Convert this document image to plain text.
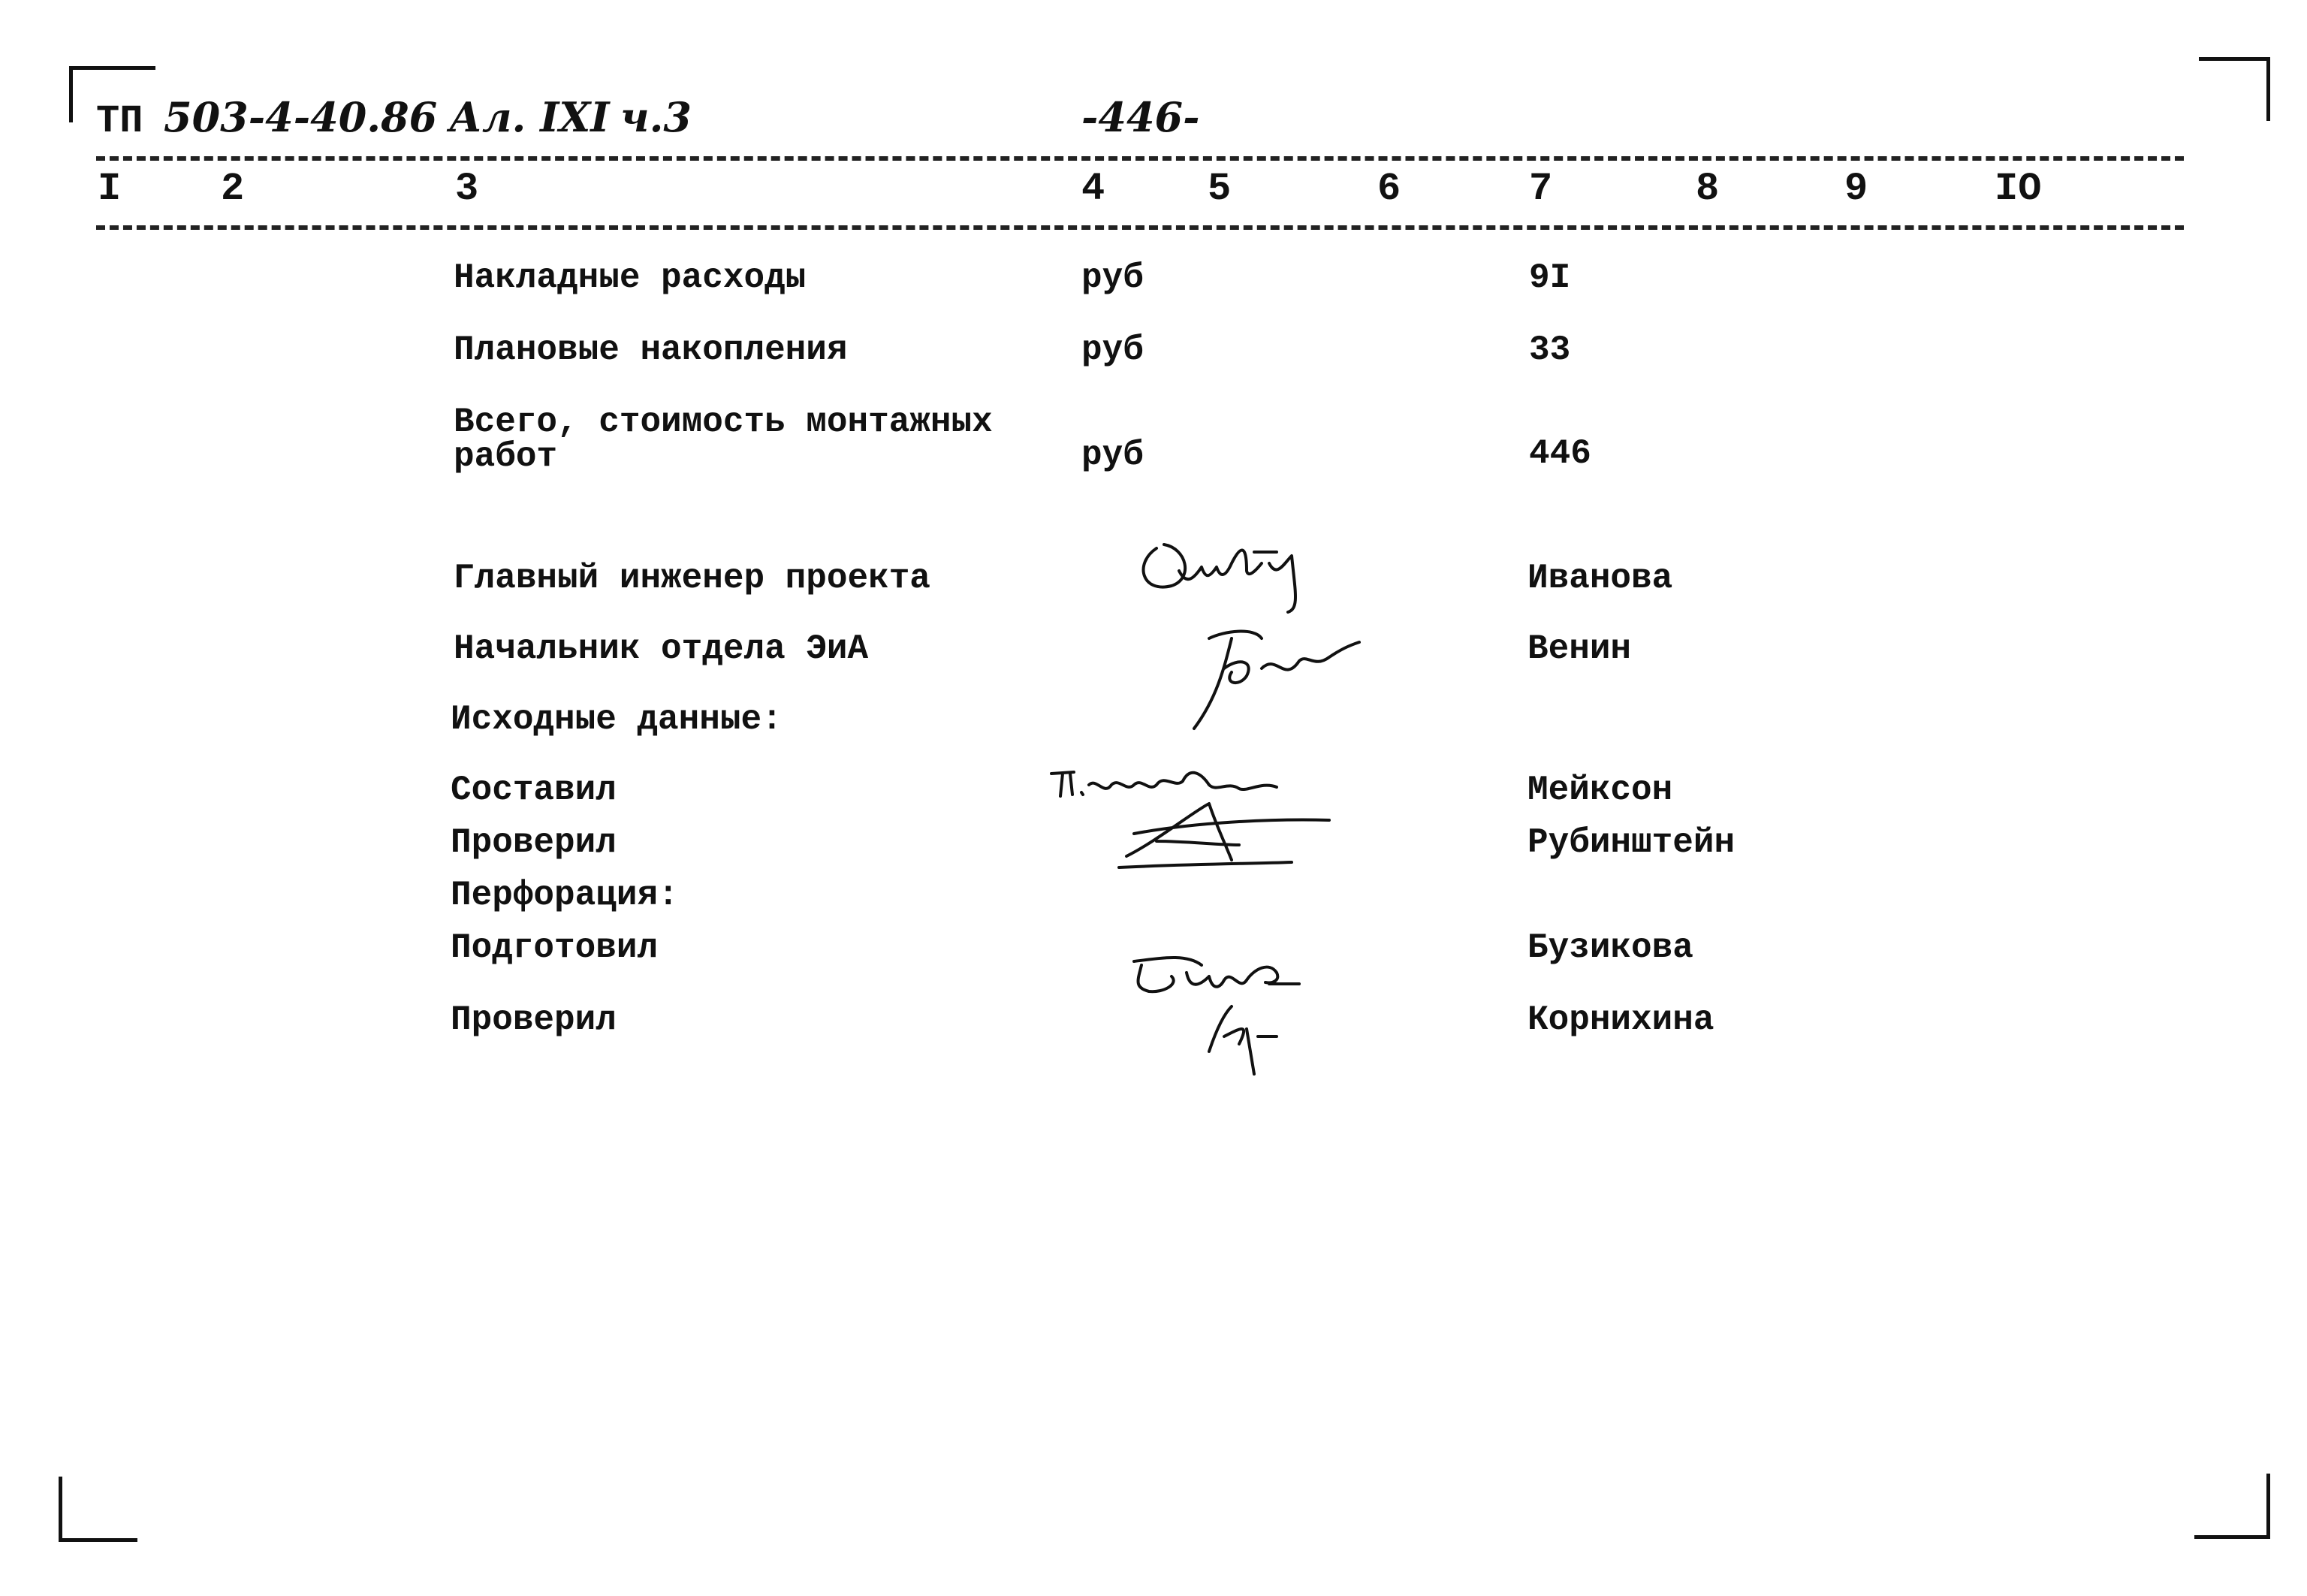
ТП 503-4-40.86 Ал. IXI ч.3	-446-
I	2	3	4	5	6	7	8	9	IO
Накладные расходы	руб	9I
Плановые накопления	руб	33
Всего, стоимость монтажных
работ	руб	446
Главный инженер проекта	Иванова
Начальник отдела ЭиА	Венин
Исходные данные:
Составил	Мейксон
Проверил	Рубинштейн
Перфорация:
Подготовил	Бузикова
Проверил	Корнихина
